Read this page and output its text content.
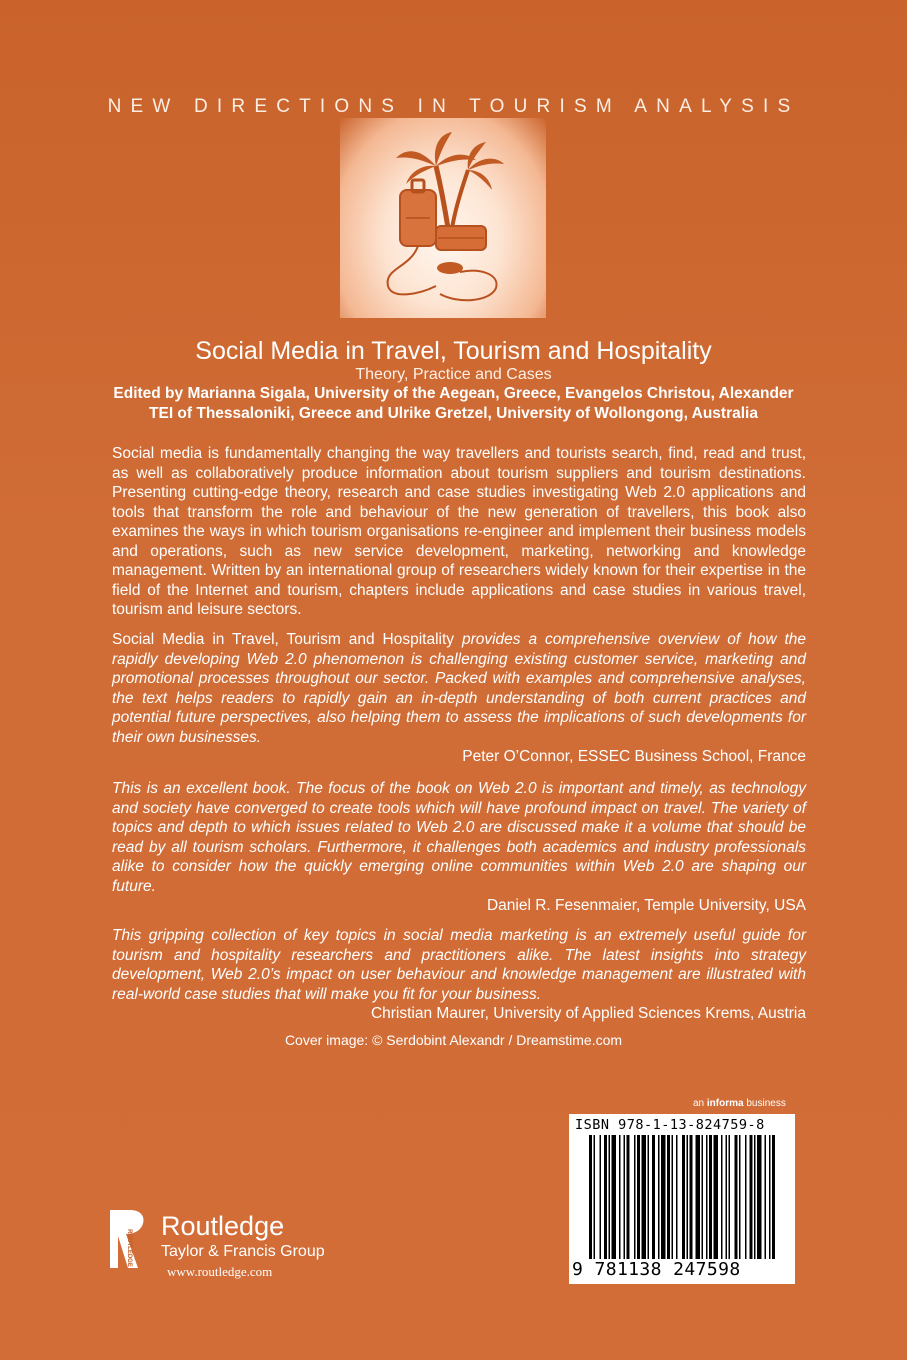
NEW DIRECTIONS IN TOURISM ANALYSIS
Social Media in Travel, Tourism and Hospitality
Theory, Practice and Cases
Edited by Marianna Sigala, University of the Aegean, Greece, Evangelos Christou, Alexander TEI of Thessaloniki, Greece and Ulrike Gretzel, University of Wollongong, Australia
Social media is fundamentally changing the way travellers and tourists search, find, read and trust, as well as collaboratively produce information about tourism suppliers and tourism destinations. Presenting cutting-edge theory, research and case studies investigating Web 2.0 applications and tools that transform the role and behaviour of the new generation of travellers, this book also examines the ways in which tourism organisations re-engineer and implement their business models and operations, such as new service development, marketing, networking and knowledge management. Written by an international group of researchers widely known for their expertise in the field of the Internet and tourism, chapters include applications and case studies in various travel, tourism and leisure sectors.
Social Media in Travel, Tourism and Hospitality provides a comprehensive overview of how the rapidly developing Web 2.0 phenomenon is challenging existing customer service, marketing and promotional processes throughout our sector. Packed with examples and comprehensive analyses, the text helps readers to rapidly gain an in-depth understanding of both current practices and potential future perspectives, also helping them to assess the implications of such developments for their own businesses.
Peter O’Connor, ESSEC Business School, France
This is an excellent book. The focus of the book on Web 2.0 is important and timely, as technology and society have converged to create tools which will have profound impact on travel. The variety of topics and depth to which issues related to Web 2.0 are discussed make it a volume that should be read by all tourism scholars. Furthermore, it challenges both academics and industry professionals alike to consider how the quickly emerging online communities within Web 2.0 are shaping our future.
Daniel R. Fesenmaier, Temple University, USA
This gripping collection of key topics in social media marketing is an extremely useful guide for tourism and hospitality researchers and practitioners alike. The latest insights into strategy development, Web 2.0’s impact on user behaviour and knowledge management are illustrated with real-world case studies that will make you fit for your business.
Christian Maurer, University of Applied Sciences Krems, Austria
Cover image: © Serdobint Alexandr / Dreamstime.com
an informa business
ISBN 978-1-13-824759-8
9 781138 247598
ROUTLEDGE
Routledge
Taylor & Francis Group
www.routledge.com
